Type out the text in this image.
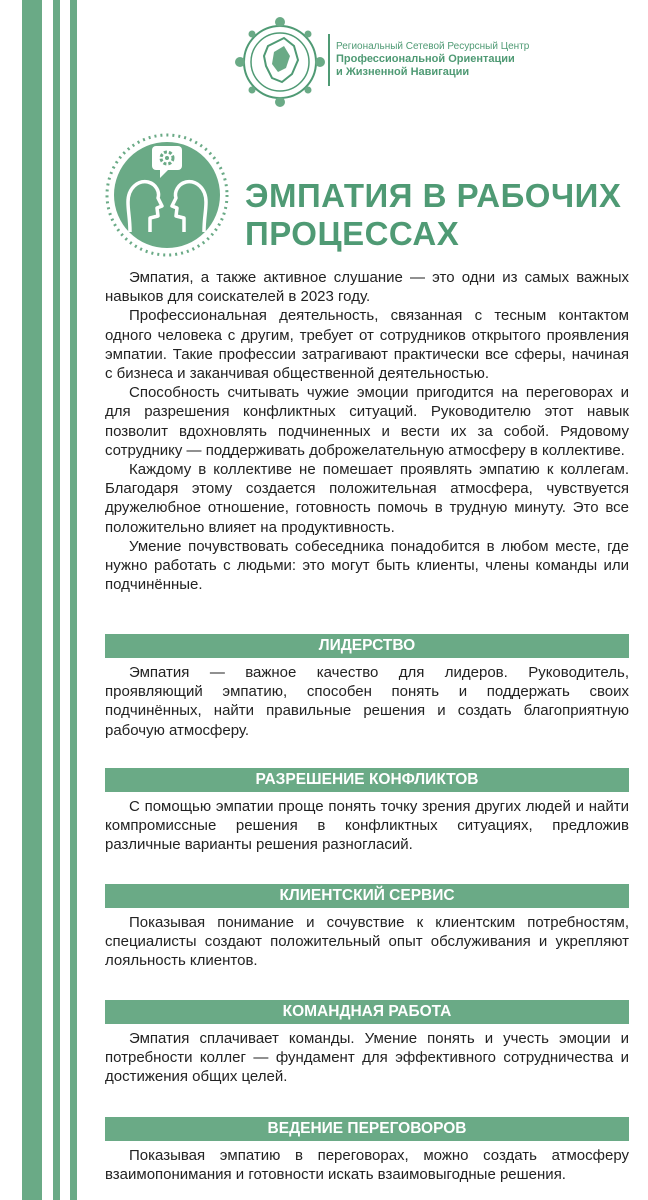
Региональный Сетевой Ресурсный Центр
Профессиональной Ориентации
и Жизненной Навигации
ЭМПАТИЯ В РАБОЧИХ ПРОЦЕССАХ

Эмпатия, а также активное слушание — это одни из самых важных навыков для соискателей в 2023 году.

Профессиональная деятельность, связанная с тесным контактом одного человека с другим, требует от сотрудников открытого проявления эмпатии. Такие профессии затрагивают практически все сферы, начиная с бизнеса и заканчивая общественной деятельностью.

Способность считывать чужие эмоции пригодится на переговорах и для разрешения конфликтных ситуаций. Руководителю этот навык позволит вдохновлять подчиненных и вести их за собой. Рядовому сотруднику — поддерживать доброжелательную атмосферу в коллективе.

Каждому в коллективе не помешает проявлять эмпатию к коллегам. Благодаря этому создается положительная атмосфера, чувствуется дружелюбное отношение, готовность помочь в трудную минуту. Это все положительно влияет на продуктивность.

Умение почувствовать собеседника понадобится в любом месте, где нужно работать с людьми: это могут быть клиенты, члены команды или подчинённые.

ЛИДЕРСТВО

Эмпатия — важное качество для лидеров. Руководитель, проявляющий эмпатию, способен понять и поддержать своих подчинённых, найти правильные решения и создать благоприятную рабочую атмосферу.

РАЗРЕШЕНИЕ КОНФЛИКТОВ

С помощью эмпатии проще понять точку зрения других людей и найти компромиссные решения в конфликтных ситуациях, предложив различные варианты решения разногласий.

КЛИЕНТСКИЙ СЕРВИС

Показывая понимание и сочувствие к клиентским потребностям, специалисты создают положительный опыт обслуживания и укрепляют лояльность клиентов.

КОМАНДНАЯ РАБОТА

Эмпатия сплачивает команды. Умение понять и учесть эмоции и потребности коллег — фундамент для эффективного сотрудничества и достижения общих целей.

ВЕДЕНИЕ ПЕРЕГОВОРОВ

Показывая эмпатию в переговорах, можно создать атмосферу взаимопонимания и готовности искать взаимовыгодные решения.
